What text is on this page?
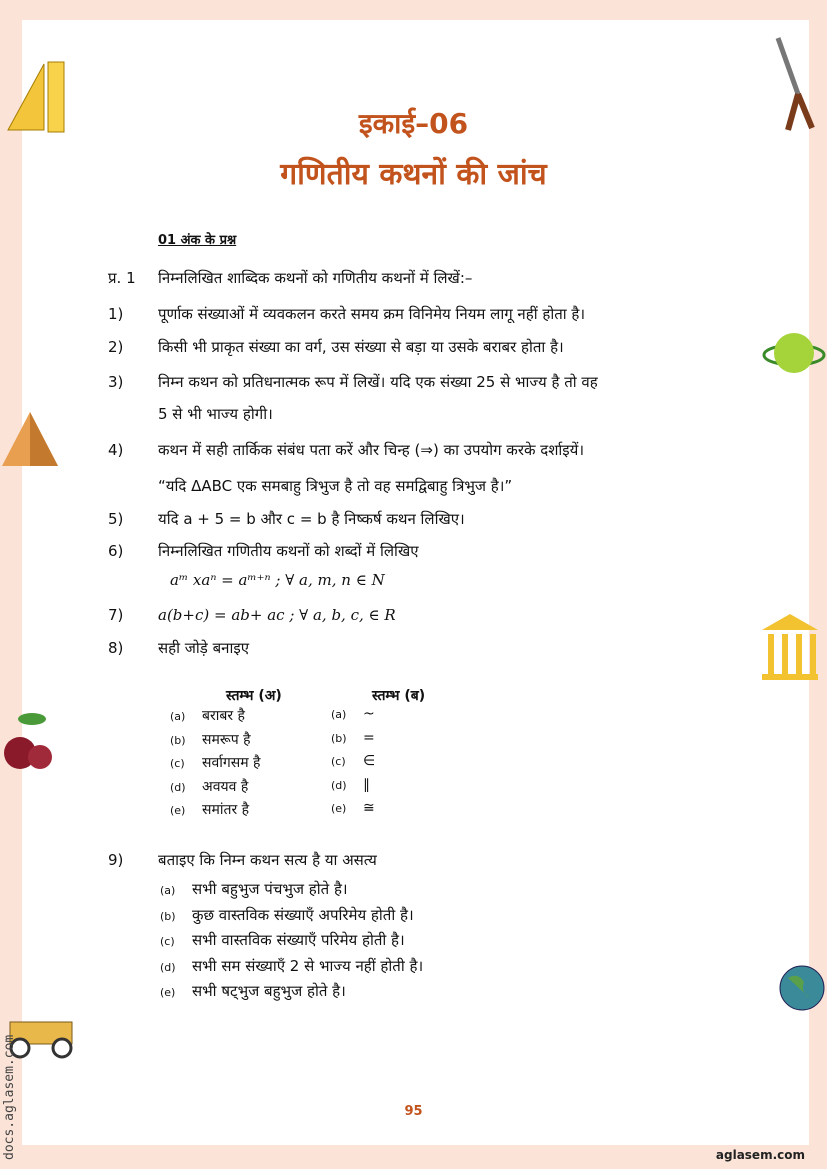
इकाई–06
गणितीय कथनों की जांच
01 अंक के प्रश्न
प्र. 1 निम्नलिखित शाब्दिक कथनों को गणितीय कथनों में लिखें:–
1) पूर्णाक संख्याओं में व्यवकलन करते समय क्रम विनिमेय नियम लागू नहीं होता है।
2) किसी भी प्राकृत संख्या का वर्ग, उस संख्या से बड़ा या उसके बराबर होता है।
3) निम्न कथन को प्रतिधनात्मक रूप में लिखें। यदि एक संख्या 25 से भाज्य है तो वह
5 से भी भाज्य होगी।
4) कथन में सही तार्किक संबंध पता करें और चिन्ह (⇒) का उपयोग करके दर्शाइयें।
“यदि ΔABC एक समबाहु त्रिभुज है तो वह समद्विबाहु त्रिभुज है।”
5) यदि a + 5 = b और c = b है निष्कर्ष कथन लिखिए।
6) निम्नलिखित गणितीय कथनों को शब्दों में लिखिए
aᵐ xaⁿ = aᵐ⁺ⁿ ; ∀ a, m, n ∈ N
7) a(b+c) = ab+ ac ; ∀ a, b, c, ∈ R
8) सही जोड़े बनाइए
स्तम्भ (अ)	स्तम्भ (ब)
(a) बराबर है	(a) ~
(b) समरूप है	(b) =
(c) सर्वागसम है	(c) ∈
(d) अवयव है	(d) ∥
(e) समांतर है	(e) ≅
9) बताइए कि निम्न कथन सत्य है या असत्य
(a) सभी बहुभुज पंचभुज होते है।
(b) कुछ वास्तविक संख्याएँ अपरिमेय होती है।
(c) सभी वास्तविक संख्याएँ परिमेय होती है।
(d) सभी सम संख्याएँ 2 से भाज्य नहीं होती है।
(e) सभी षट्भुज बहुभुज होते है।
95
aglasem.com
docs.aglasem.com
